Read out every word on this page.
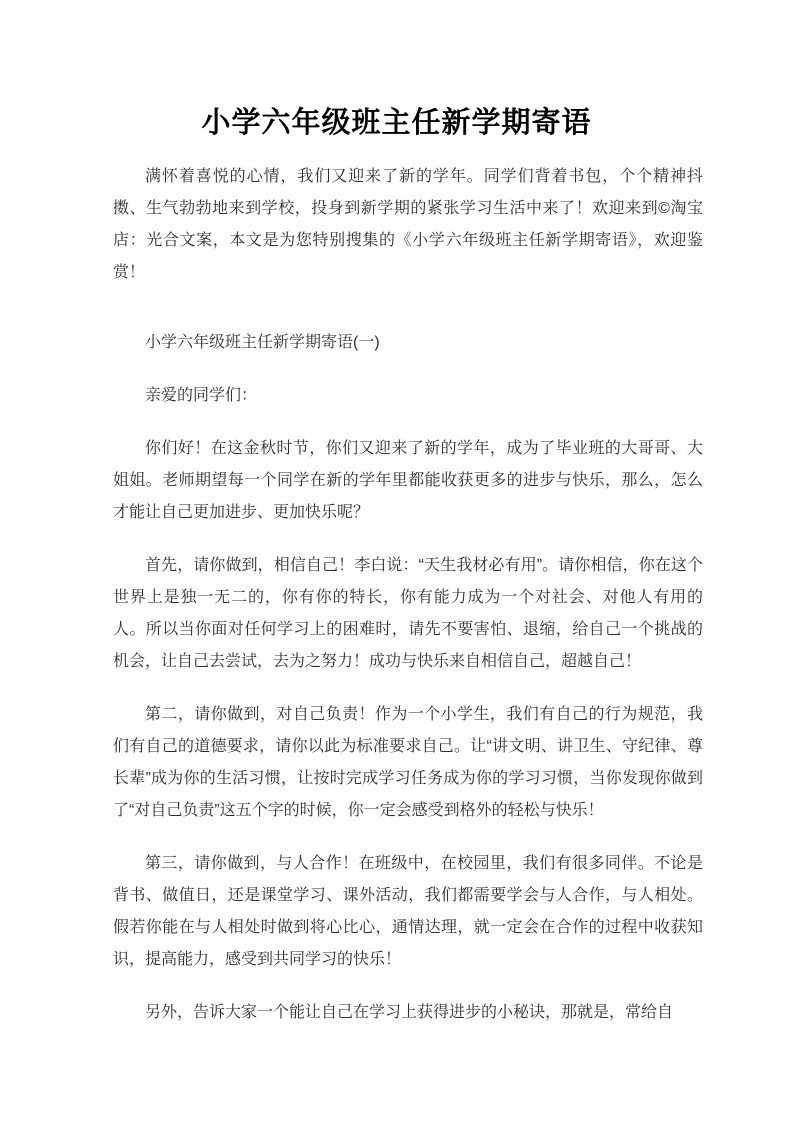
小学六年级班主任新学期寄语

满怀着喜悦的心情，我们又迎来了新的学年。同学们背着书包，个个精神抖擞、生气勃勃地来到学校，投身到新学期的紧张学习生活中来了！欢迎来到©淘宝店：光合文案，本文是为您特别搜集的《小学六年级班主任新学期寄语》，欢迎鉴赏！

小学六年级班主任新学期寄语(一)

亲爱的同学们：

你们好！在这金秋时节，你们又迎来了新的学年，成为了毕业班的大哥哥、大姐姐。老师期望每一个同学在新的学年里都能收获更多的进步与快乐，那么，怎么才能让自己更加进步、更加快乐呢？

首先，请你做到，相信自己！李白说：“天生我材必有用”。请你相信，你在这个世界上是独一无二的，你有你的特长，你有能力成为一个对社会、对他人有用的人。所以当你面对任何学习上的困难时，请先不要害怕、退缩，给自己一个挑战的机会，让自己去尝试，去为之努力！成功与快乐来自相信自己，超越自己！

第二，请你做到，对自己负责！作为一个小学生，我们有自己的行为规范，我们有自己的道德要求，请你以此为标准要求自己。让“讲文明、讲卫生、守纪律、尊长辈”成为你的生活习惯，让按时完成学习任务成为你的学习习惯，当你发现你做到了“对自己负责”这五个字的时候，你一定会感受到格外的轻松与快乐！

第三，请你做到，与人合作！在班级中，在校园里，我们有很多同伴。不论是背书、做值日，还是课堂学习、课外活动，我们都需要学会与人合作，与人相处。假若你能在与人相处时做到将心比心，通情达理，就一定会在合作的过程中收获知识，提高能力，感受到共同学习的快乐！

另外，告诉大家一个能让自己在学习上获得进步的小秘诀，那就是，常给自
